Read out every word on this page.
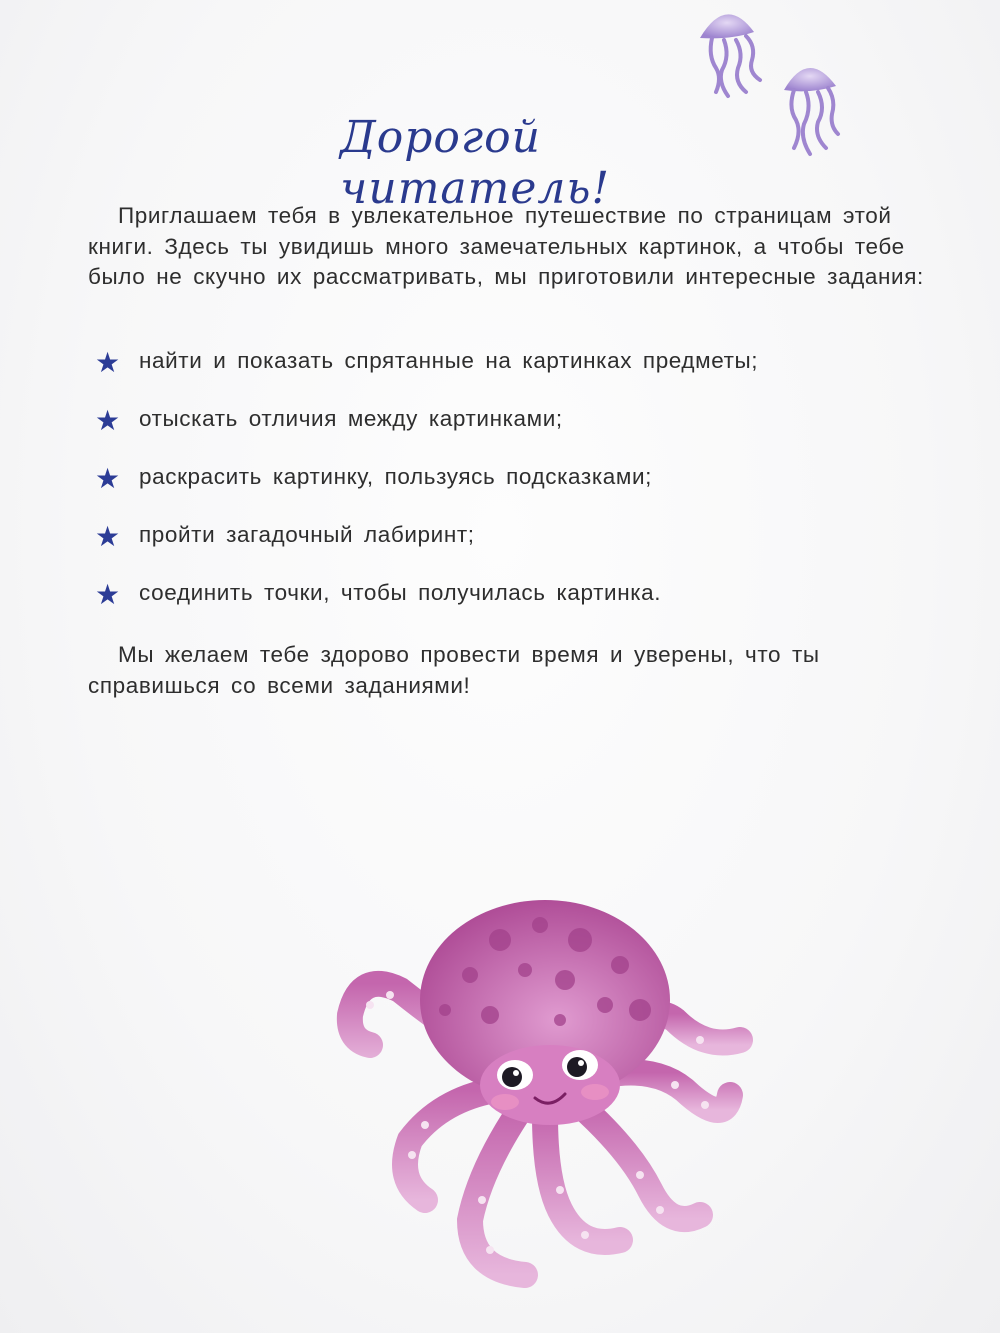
Дорогой читатель!

Приглашаем тебя в увлекательное путешествие по страницам этой книги. Здесь ты увидишь много замечательных картинок, а чтобы тебе было не скучно их рассматривать, мы приготовили интересные задания:

★ найти и показать спрятанные на картинках предметы;
★ отыскать отличия между картинками;
★ раскрасить картинку, пользуясь подсказками;
★ пройти загадочный лабиринт;
★ соединить точки, чтобы получилась картинка.

Мы желаем тебе здорово провести время и уверены, что ты справишься со всеми заданиями!
